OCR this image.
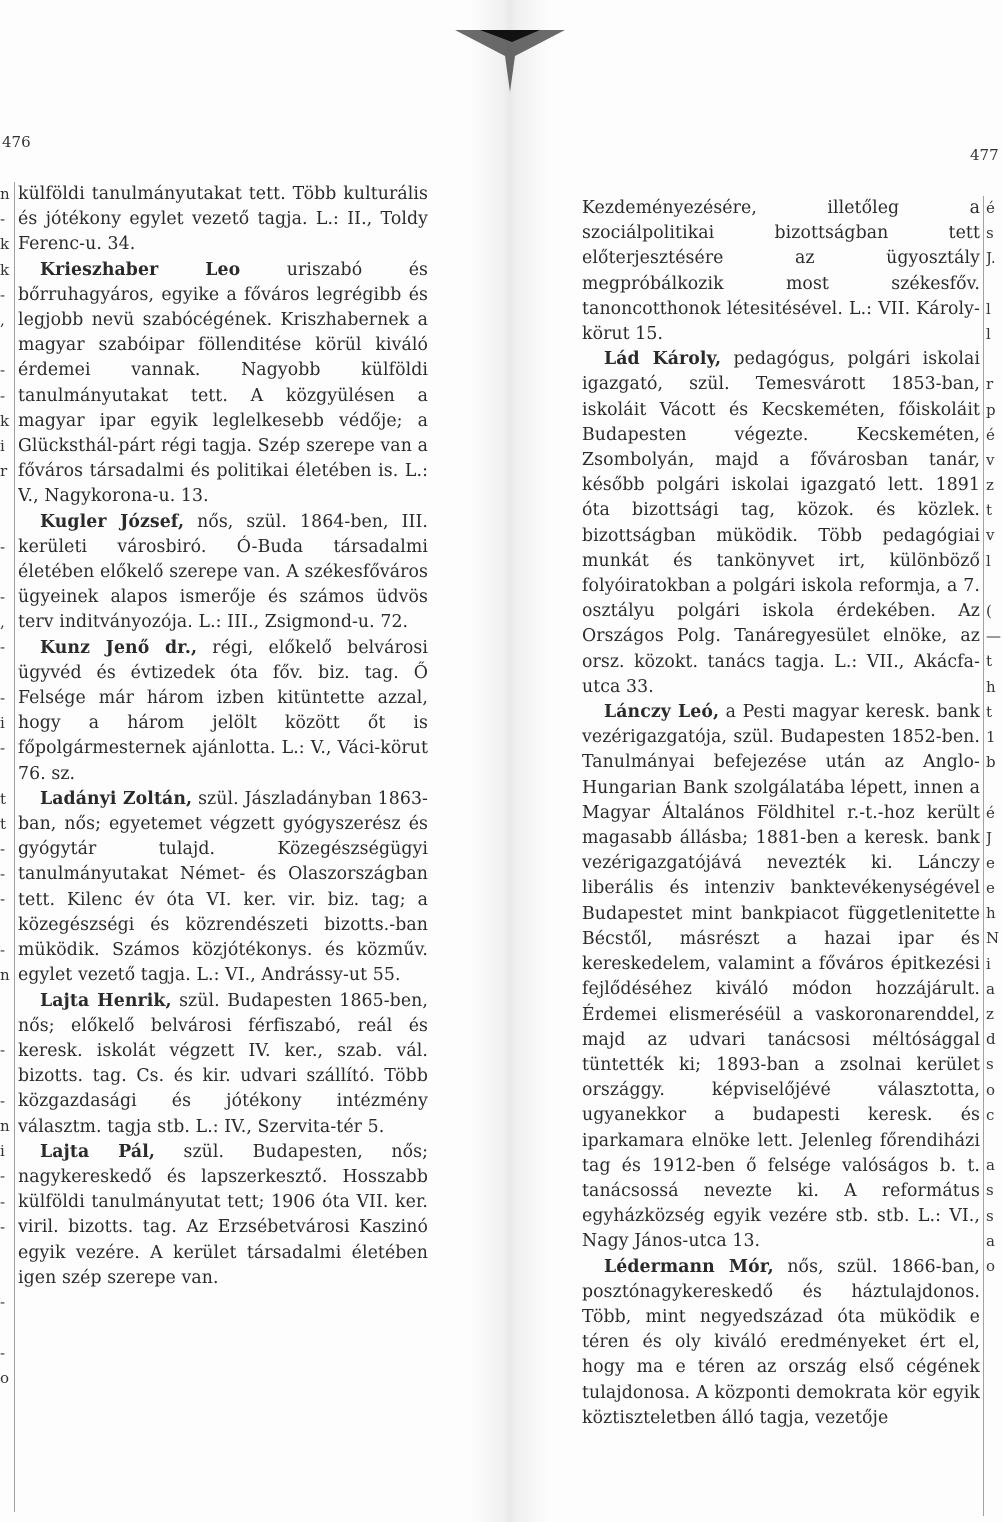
476
477
n
-
k
k
-
,
-
-
k
i
r
-
-
,
-
-
i
-
t
t
-
-
-
-
n
-
-
n
i
-
-
-
-
-
o

külföldi tanulmányutakat tett. Több kulturális és jótékony egylet vezető tagja. L.: II., Toldy Ferenc-u. 34.

Krieszhaber Leo uriszabó és bőrruhagyáros, egyike a főváros legrégibb és legjobb nevü szabócégének. Kriszhabernek a magyar szabóipar föllenditése körül kiváló érdemei vannak. Nagyobb külföldi tanulmányutakat tett. A közgyülésen a magyar ipar egyik leglelkesebb védője; a Glücksthál-párt régi tagja. Szép szerepe van a főváros társadalmi és politikai életében is. L.: V., Nagykorona-u. 13.

Kugler József, nős, szül. 1864-ben, III. kerületi városbiró. Ó-Buda társadalmi életében előkelő szerepe van. A székesfőváros ügyeinek alapos ismerője és számos üdvös terv inditványozója. L.: III., Zsigmond-u. 72.

Kunz Jenő dr., régi, előkelő belvárosi ügyvéd és évtizedek óta főv. biz. tag. Ő Felsége már három izben kitüntette azzal, hogy a három jelölt között őt is főpolgármesternek ajánlotta. L.: V., Váci-körut 76. sz.

Ladányi Zoltán, szül. Jászladányban 1863-ban, nős; egyetemet végzett gyógyszerész és gyógytár tulajd. Közegészségügyi tanulmányutakat Német- és Olaszországban tett. Kilenc év óta VI. ker. vir. biz. tag; a közegészségi és közrendészeti bizotts.-ban müködik. Számos közjótékonys. és közműv. egylet vezető tagja. L.: VI., Andrássy-ut 55.

Lajta Henrik, szül. Budapesten 1865-ben, nős; előkelő belvárosi férfiszabó, reál és keresk. iskolát végzett IV. ker., szab. vál. bizotts. tag. Cs. és kir. udvari szállító. Több közgazdasági és jótékony intézmény választm. tagja stb. L.: IV., Szervita-tér 5.

Lajta Pál, szül. Budapesten, nős; nagykereskedő és lapszerkesztő. Hosszabb külföldi tanulmányutat tett; 1906 óta VII. ker. viril. bizotts. tag. Az Erzsébetvárosi Kaszinó egyik vezére. A kerület társadalmi életében igen szép szerepe van.

Kezdeményezésére, illetőleg a szociálpolitikai bizottságban tett előterjesztésére az ügyosztály megpróbálkozik most székesfőv. tanoncotthonok létesitésével. L.: VII. Károly-körut 15.

Lád Károly, pedagógus, polgári iskolai igazgató, szül. Temesvárott 1853-ban, iskoláit Vácott és Kecskeméten, főiskoláit Budapesten végezte. Kecskeméten, Zsombolyán, majd a fővárosban tanár, később polgári iskolai igazgató lett. 1891 óta bizottsági tag, közok. és közlek. bizottságban müködik. Több pedagógiai munkát és tankönyvet irt, különböző folyóiratokban a polgári iskola reformja, a 7. osztályu polgári iskola érdekében. Az Országos Polg. Tanáregyesület elnöke, az orsz. közokt. tanács tagja. L.: VII., Akácfa-utca 33.

Lánczy Leó, a Pesti magyar keresk. bank vezérigazgatója, szül. Budapesten 1852-ben. Tanulmányai befejezése után az Anglo-Hungarian Bank szolgálatába lépett, innen a Magyar Általános Földhitel r.-t.-hoz került magasabb állásba; 1881-ben a keresk. bank vezérigazgatójává nevezték ki. Lánczy liberális és intenziv banktevékenységével Budapestet mint bankpiacot függetlenitette Bécstől, másrészt a hazai ipar és kereskedelem, valamint a főváros épitkezési fejlődéséhez kiváló módon hozzájárult. Érdemei elismeréséül a vaskoronarenddel, majd az udvari tanácsosi méltósággal tüntették ki; 1893-ban a zsolnai kerület országgy. képviselőjévé választotta, ugyanekkor a budapesti keresk. és iparkamara elnöke lett. Jelenleg főrendiházi tag és 1912-ben ő felsége valóságos b. t. tanácsossá nevezte ki. A református egyházközség egyik vezére stb. stb. L.: VI., Nagy János-utca 13.

Lédermann Mór, nős, szül. 1866-ban, posztónagykereskedő és háztulajdonos. Több, mint negyedszázad óta müködik e téren és oly kiváló eredményeket ért el, hogy ma e téren az ország első cégének tulajdonosa. A központi demokrata kör egyik köztiszteletben álló tagja, vezetője

é
s
J.
l
l
r
p
é
v
z
t
v
l
(
—
t
h
t
1
b
é
J
e
e
h
N
i
a
z
d
s
o
c
a
s
s
a
o
